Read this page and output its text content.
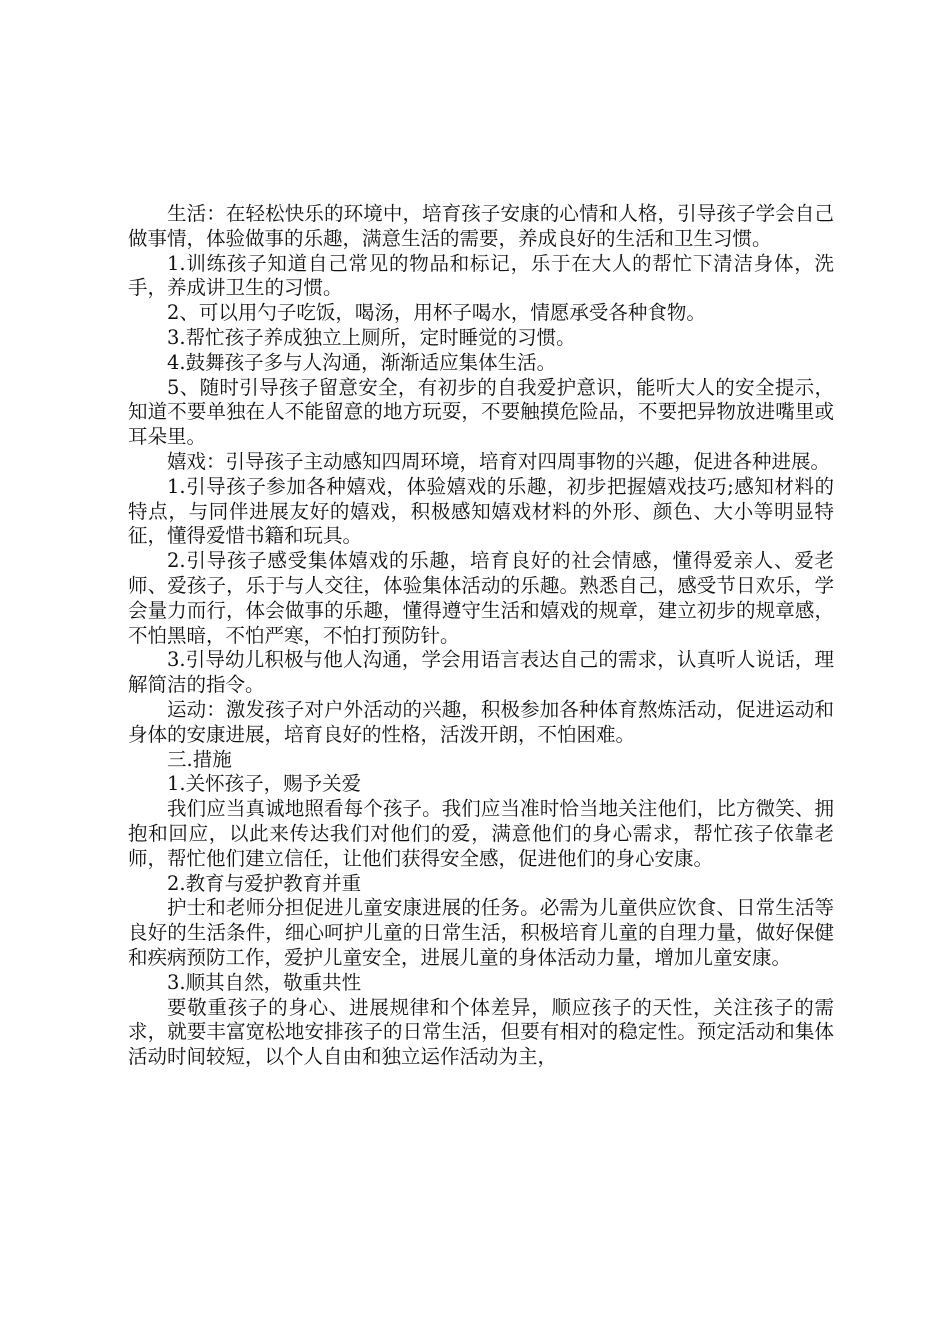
生活：在轻松快乐的环境中，培育孩子安康的心情和人格，引导孩子学会自己做事情，体验做事的乐趣，满意生活的需要，养成良好的生活和卫生习惯。

1.训练孩子知道自己常见的物品和标记，乐于在大人的帮忙下清洁身体，洗手，养成讲卫生的习惯。

2、可以用勺子吃饭，喝汤，用杯子喝水，情愿承受各种食物。

3.帮忙孩子养成独立上厕所，定时睡觉的习惯。

4.鼓舞孩子多与人沟通，渐渐适应集体生活。

5、随时引导孩子留意安全，有初步的自我爱护意识，能听大人的安全提示，知道不要单独在人不能留意的地方玩耍，不要触摸危险品，不要把异物放进嘴里或耳朵里。

嬉戏：引导孩子主动感知四周环境，培育对四周事物的兴趣，促进各种进展。

1.引导孩子参加各种嬉戏，体验嬉戏的乐趣，初步把握嬉戏技巧;感知材料的特点，与同伴进展友好的嬉戏，积极感知嬉戏材料的外形、颜色、大小等明显特征，懂得爱惜书籍和玩具。

2.引导孩子感受集体嬉戏的乐趣，培育良好的社会情感，懂得爱亲人、爱老师、爱孩子，乐于与人交往，体验集体活动的乐趣。熟悉自己，感受节日欢乐，学会量力而行，体会做事的乐趣，懂得遵守生活和嬉戏的规章，建立初步的规章感，不怕黑暗，不怕严寒，不怕打预防针。

3.引导幼儿积极与他人沟通，学会用语言表达自己的需求，认真听人说话，理解简洁的指令。

运动：激发孩子对户外活动的兴趣，积极参加各种体育熬炼活动，促进运动和身体的安康进展，培育良好的性格，活泼开朗，不怕困难。

三.措施

1.关怀孩子，赐予关爱

我们应当真诚地照看每个孩子。我们应当准时恰当地关注他们，比方微笑、拥抱和回应，以此来传达我们对他们的爱，满意他们的身心需求，帮忙孩子依靠老师，帮忙他们建立信任，让他们获得安全感，促进他们的身心安康。

2.教育与爱护教育并重

护士和老师分担促进儿童安康进展的任务。必需为儿童供应饮食、日常生活等良好的生活条件，细心呵护儿童的日常生活，积极培育儿童的自理力量，做好保健和疾病预防工作，爱护儿童安全，进展儿童的身体活动力量，增加儿童安康。

3.顺其自然，敬重共性

要敬重孩子的身心、进展规律和个体差异，顺应孩子的天性，关注孩子的需求，就要丰富宽松地安排孩子的日常生活，但要有相对的稳定性。预定活动和集体活动时间较短，以个人自由和独立运作活动为主，
